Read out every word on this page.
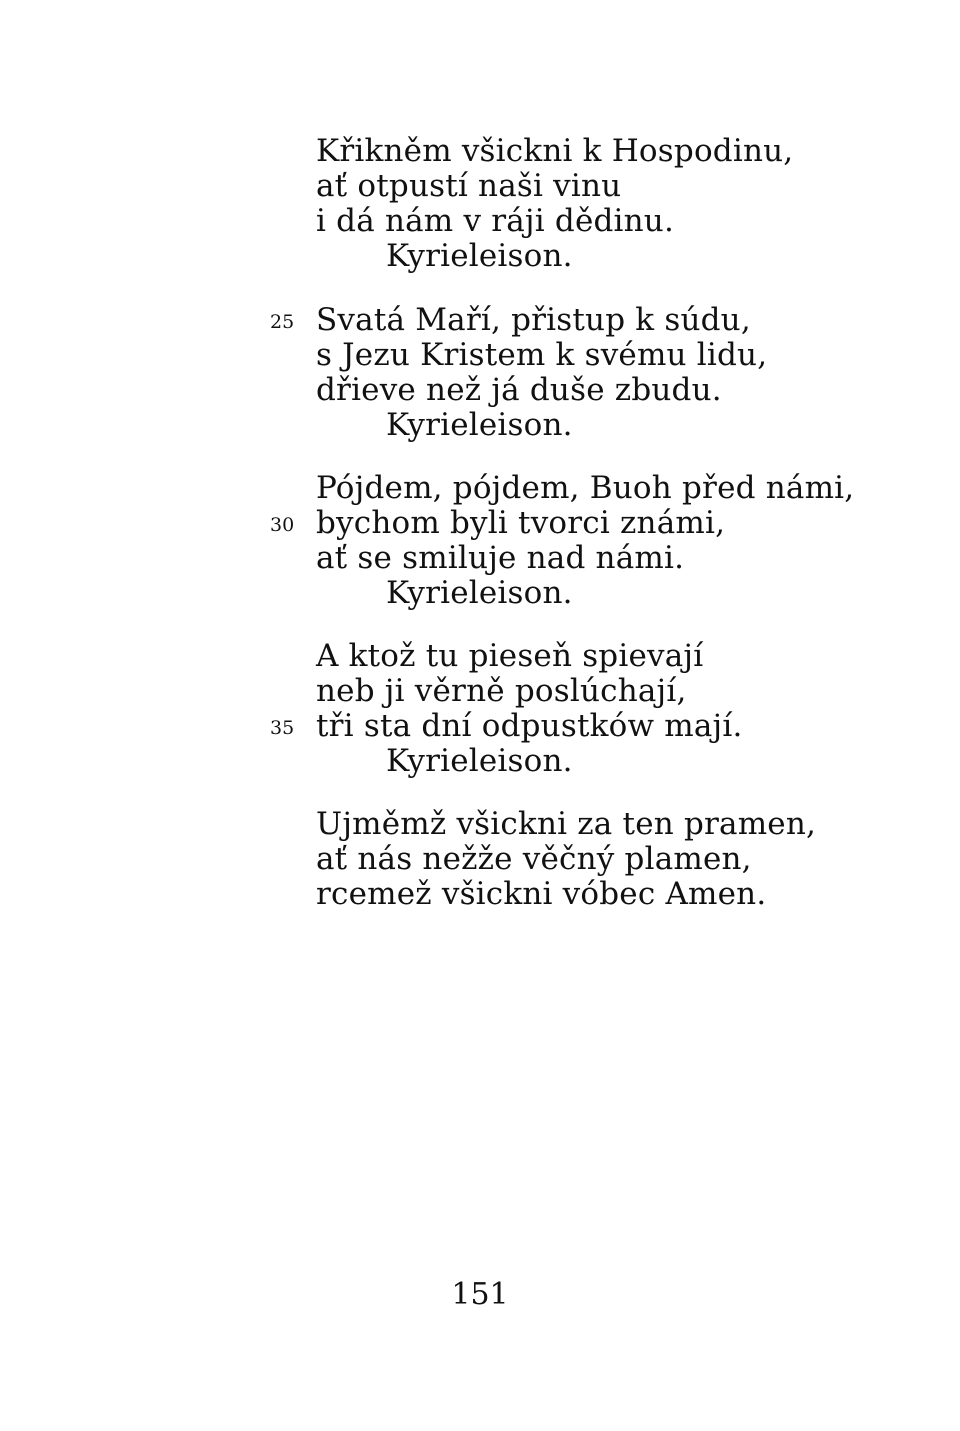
Křikněm všickni k Hospodinu,
ať otpustí naši vinu
i dá nám v ráji dědinu.
Kyrieleison.
25 Svatá Maří, přistup k súdu,
s Jezu Kristem k svému lidu,
dřieve než já duše zbudu.
Kyrieleison.
Pójdem, pójdem, Buoh před námi,
30 bychom byli tvorci známi,
ať se smiluje nad námi.
Kyrieleison.
A ktož tu pieseň spievají
neb ji věrně poslúchají,
35 tři sta dní odpustków mají.
Kyrieleison.
Ujměmž všickni za ten pramen,
ať nás nežže věčný plamen,
rcemež všickni vóbec Amen.
151
